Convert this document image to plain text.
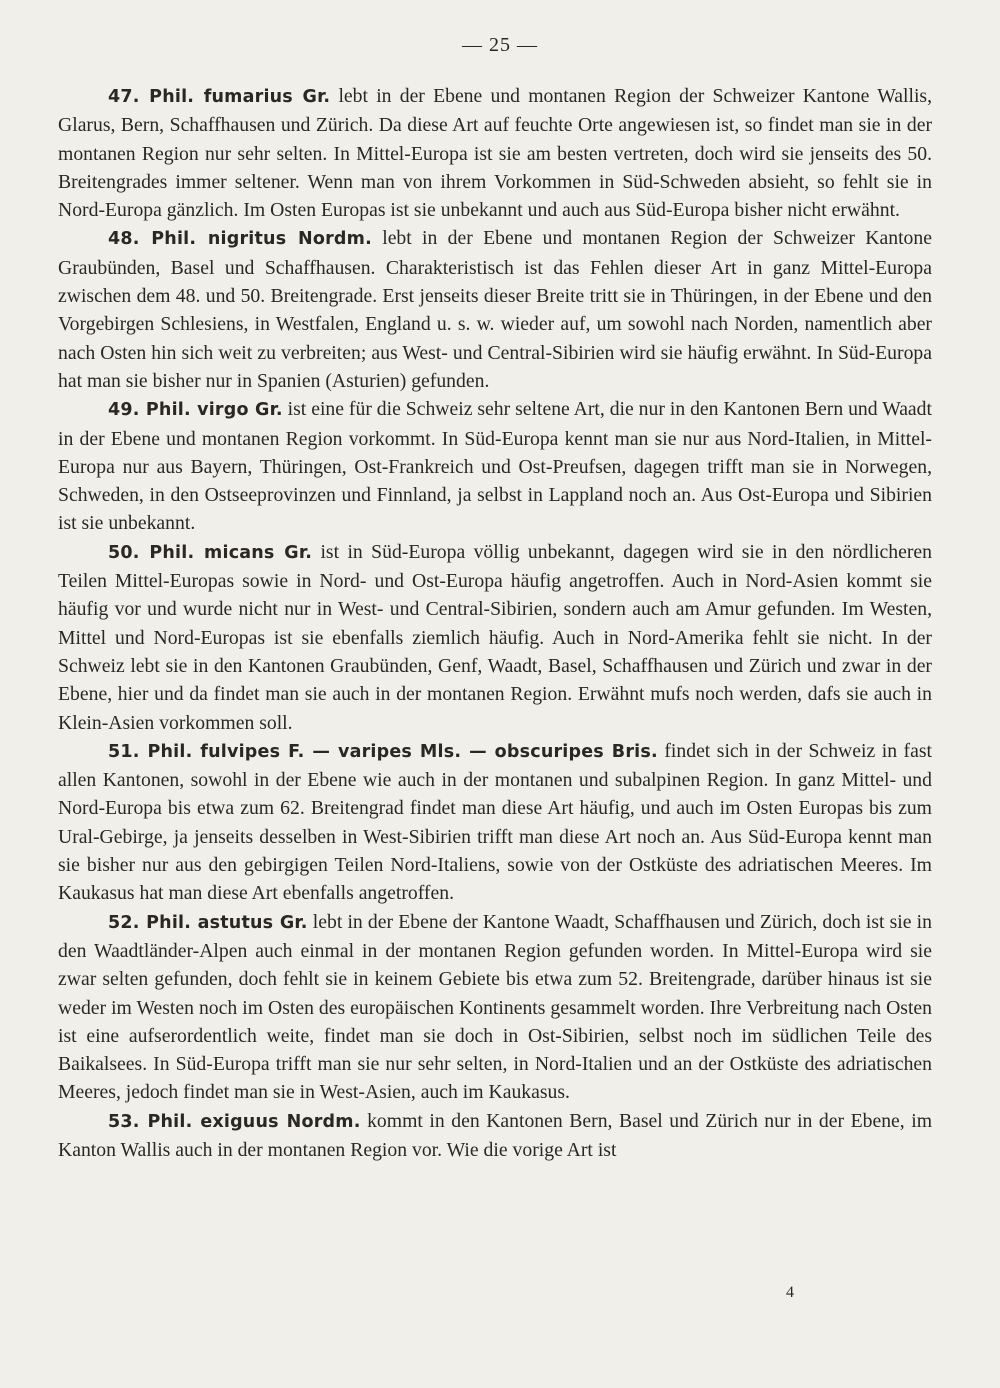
— 25 —

47. Phil. fumarius Gr. lebt in der Ebene und montanen Region der Schweizer Kantone Wallis, Glarus, Bern, Schaffhausen und Zürich. Da diese Art auf feuchte Orte angewiesen ist, so findet man sie in der montanen Region nur sehr selten. In Mittel-Europa ist sie am besten vertreten, doch wird sie jenseits des 50. Breitengrades immer seltener. Wenn man von ihrem Vorkommen in Süd-Schweden absieht, so fehlt sie in Nord-Europa gänzlich. Im Osten Europas ist sie unbekannt und auch aus Süd-Europa bisher nicht erwähnt.

48. Phil. nigritus Nordm. lebt in der Ebene und montanen Region der Schweizer Kantone Graubünden, Basel und Schaffhausen. Charakteristisch ist das Fehlen dieser Art in ganz Mittel-Europa zwischen dem 48. und 50. Breitengrade. Erst jenseits dieser Breite tritt sie in Thüringen, in der Ebene und den Vorgebirgen Schlesiens, in Westfalen, England u. s. w. wieder auf, um sowohl nach Norden, namentlich aber nach Osten hin sich weit zu verbreiten; aus West- und Central-Sibirien wird sie häufig erwähnt. In Süd-Europa hat man sie bisher nur in Spanien (Asturien) gefunden.

49. Phil. virgo Gr. ist eine für die Schweiz sehr seltene Art, die nur in den Kantonen Bern und Waadt in der Ebene und montanen Region vorkommt. In Süd-Europa kennt man sie nur aus Nord-Italien, in Mittel-Europa nur aus Bayern, Thüringen, Ost-Frankreich und Ost-Preufsen, dagegen trifft man sie in Norwegen, Schweden, in den Ostseeprovinzen und Finnland, ja selbst in Lappland noch an. Aus Ost-Europa und Sibirien ist sie unbekannt.

50. Phil. micans Gr. ist in Süd-Europa völlig unbekannt, dagegen wird sie in den nördlicheren Teilen Mittel-Europas sowie in Nord- und Ost-Europa häufig angetroffen. Auch in Nord-Asien kommt sie häufig vor und wurde nicht nur in West- und Central-Sibirien, sondern auch am Amur gefunden. Im Westen, Mittel und Nord-Europas ist sie ebenfalls ziemlich häufig. Auch in Nord-Amerika fehlt sie nicht. In der Schweiz lebt sie in den Kantonen Graubünden, Genf, Waadt, Basel, Schaffhausen und Zürich und zwar in der Ebene, hier und da findet man sie auch in der montanen Region. Erwähnt mufs noch werden, dafs sie auch in Klein-Asien vorkommen soll.

51. Phil. fulvipes F. — varipes Mls. — obscuripes Bris. findet sich in der Schweiz in fast allen Kantonen, sowohl in der Ebene wie auch in der montanen und subalpinen Region. In ganz Mittel- und Nord-Europa bis etwa zum 62. Breitengrad findet man diese Art häufig, und auch im Osten Europas bis zum Ural-Gebirge, ja jenseits desselben in West-Sibirien trifft man diese Art noch an. Aus Süd-Europa kennt man sie bisher nur aus den gebirgigen Teilen Nord-Italiens, sowie von der Ostküste des adriatischen Meeres. Im Kaukasus hat man diese Art ebenfalls angetroffen.

52. Phil. astutus Gr. lebt in der Ebene der Kantone Waadt, Schaffhausen und Zürich, doch ist sie in den Waadtländer-Alpen auch einmal in der montanen Region gefunden worden. In Mittel-Europa wird sie zwar selten gefunden, doch fehlt sie in keinem Gebiete bis etwa zum 52. Breitengrade, darüber hinaus ist sie weder im Westen noch im Osten des europäischen Kontinents gesammelt worden. Ihre Verbreitung nach Osten ist eine aufserordentlich weite, findet man sie doch in Ost-Sibirien, selbst noch im südlichen Teile des Baikalsees. In Süd-Europa trifft man sie nur sehr selten, in Nord-Italien und an der Ostküste des adriatischen Meeres, jedoch findet man sie in West-Asien, auch im Kaukasus.

53. Phil. exiguus Nordm. kommt in den Kantonen Bern, Basel und Zürich nur in der Ebene, im Kanton Wallis auch in der montanen Region vor. Wie die vorige Art ist

4
